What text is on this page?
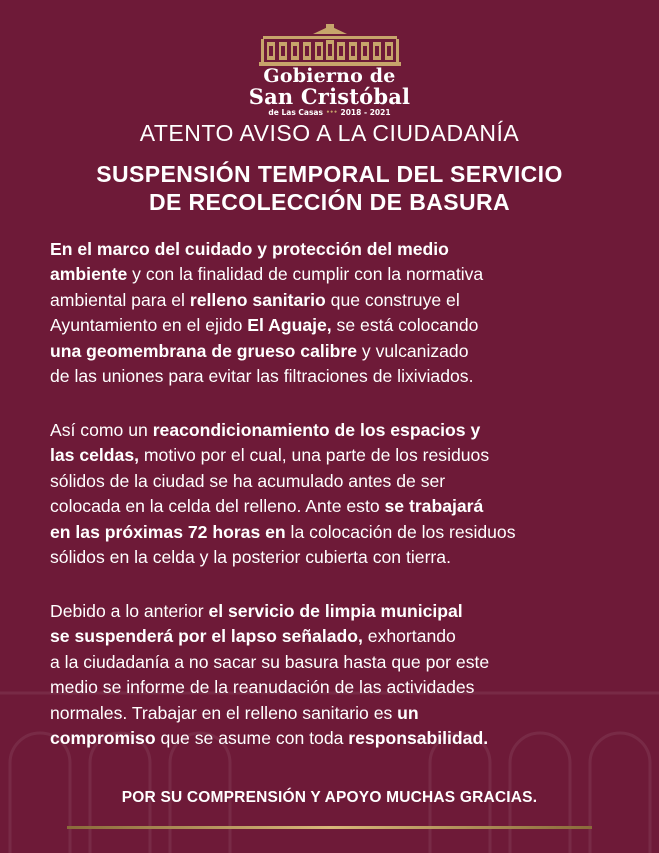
Gobierno de
San Cristóbal
de Las Casas ••• 2018 - 2021
ATENTO AVISO A LA CIUDADANÍA
SUSPENSIÓN TEMPORAL DEL SERVICIO
DE RECOLECCIÓN DE BASURA

En el marco del cuidado y protección del medio
ambiente y con la finalidad de cumplir con la normativa
ambiental para el relleno sanitario que construye el
Ayuntamiento en el ejido El Aguaje, se está colocando
una geomembrana de grueso calibre y vulcanizado
de las uniones para evitar las filtraciones de lixiviados.

Así como un reacondicionamiento de los espacios y
las celdas, motivo por el cual, una parte de los residuos
sólidos de la ciudad se ha acumulado antes de ser
colocada en la celda del relleno. Ante esto se trabajará
en las próximas 72 horas en la colocación de los residuos
sólidos en la celda y la posterior cubierta con tierra.

Debido a lo anterior el servicio de limpia municipal
se suspenderá por el lapso señalado, exhortando
a la ciudadanía a no sacar su basura hasta que por este
medio se informe de la reanudación de las actividades
normales. Trabajar en el relleno sanitario es un
compromiso que se asume con toda responsabilidad.

POR SU COMPRENSIÓN Y APOYO MUCHAS GRACIAS.
